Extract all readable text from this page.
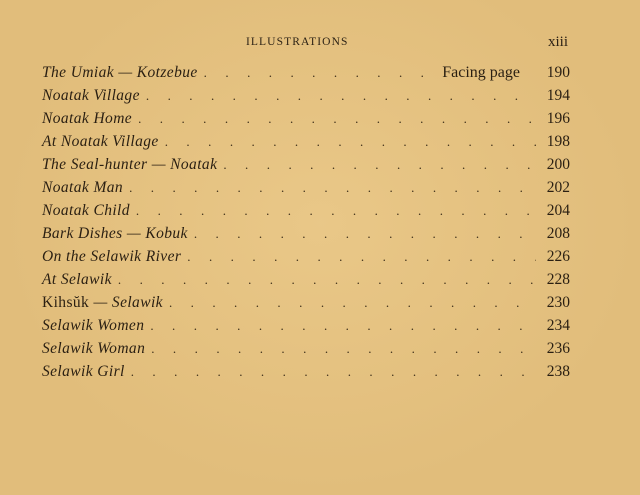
ILLUSTRATIONS	xiii
The Umiak — Kotzebue . . .	Facing page	190
Noatak Village . . .	194
Noatak Home . . .	196
At Noatak Village . . .	198
The Seal-hunter — Noatak . . .	200
Noatak Man . . .	202
Noatak Child . . .	204
Bark Dishes — Kobuk . . .	208
On the Selawik River . . .	226
At Selawik . . .	228
Kihsŭk — Selawik . . .	230
Selawik Women . . .	234
Selawik Woman . . .	236
Selawik Girl . . .	238
